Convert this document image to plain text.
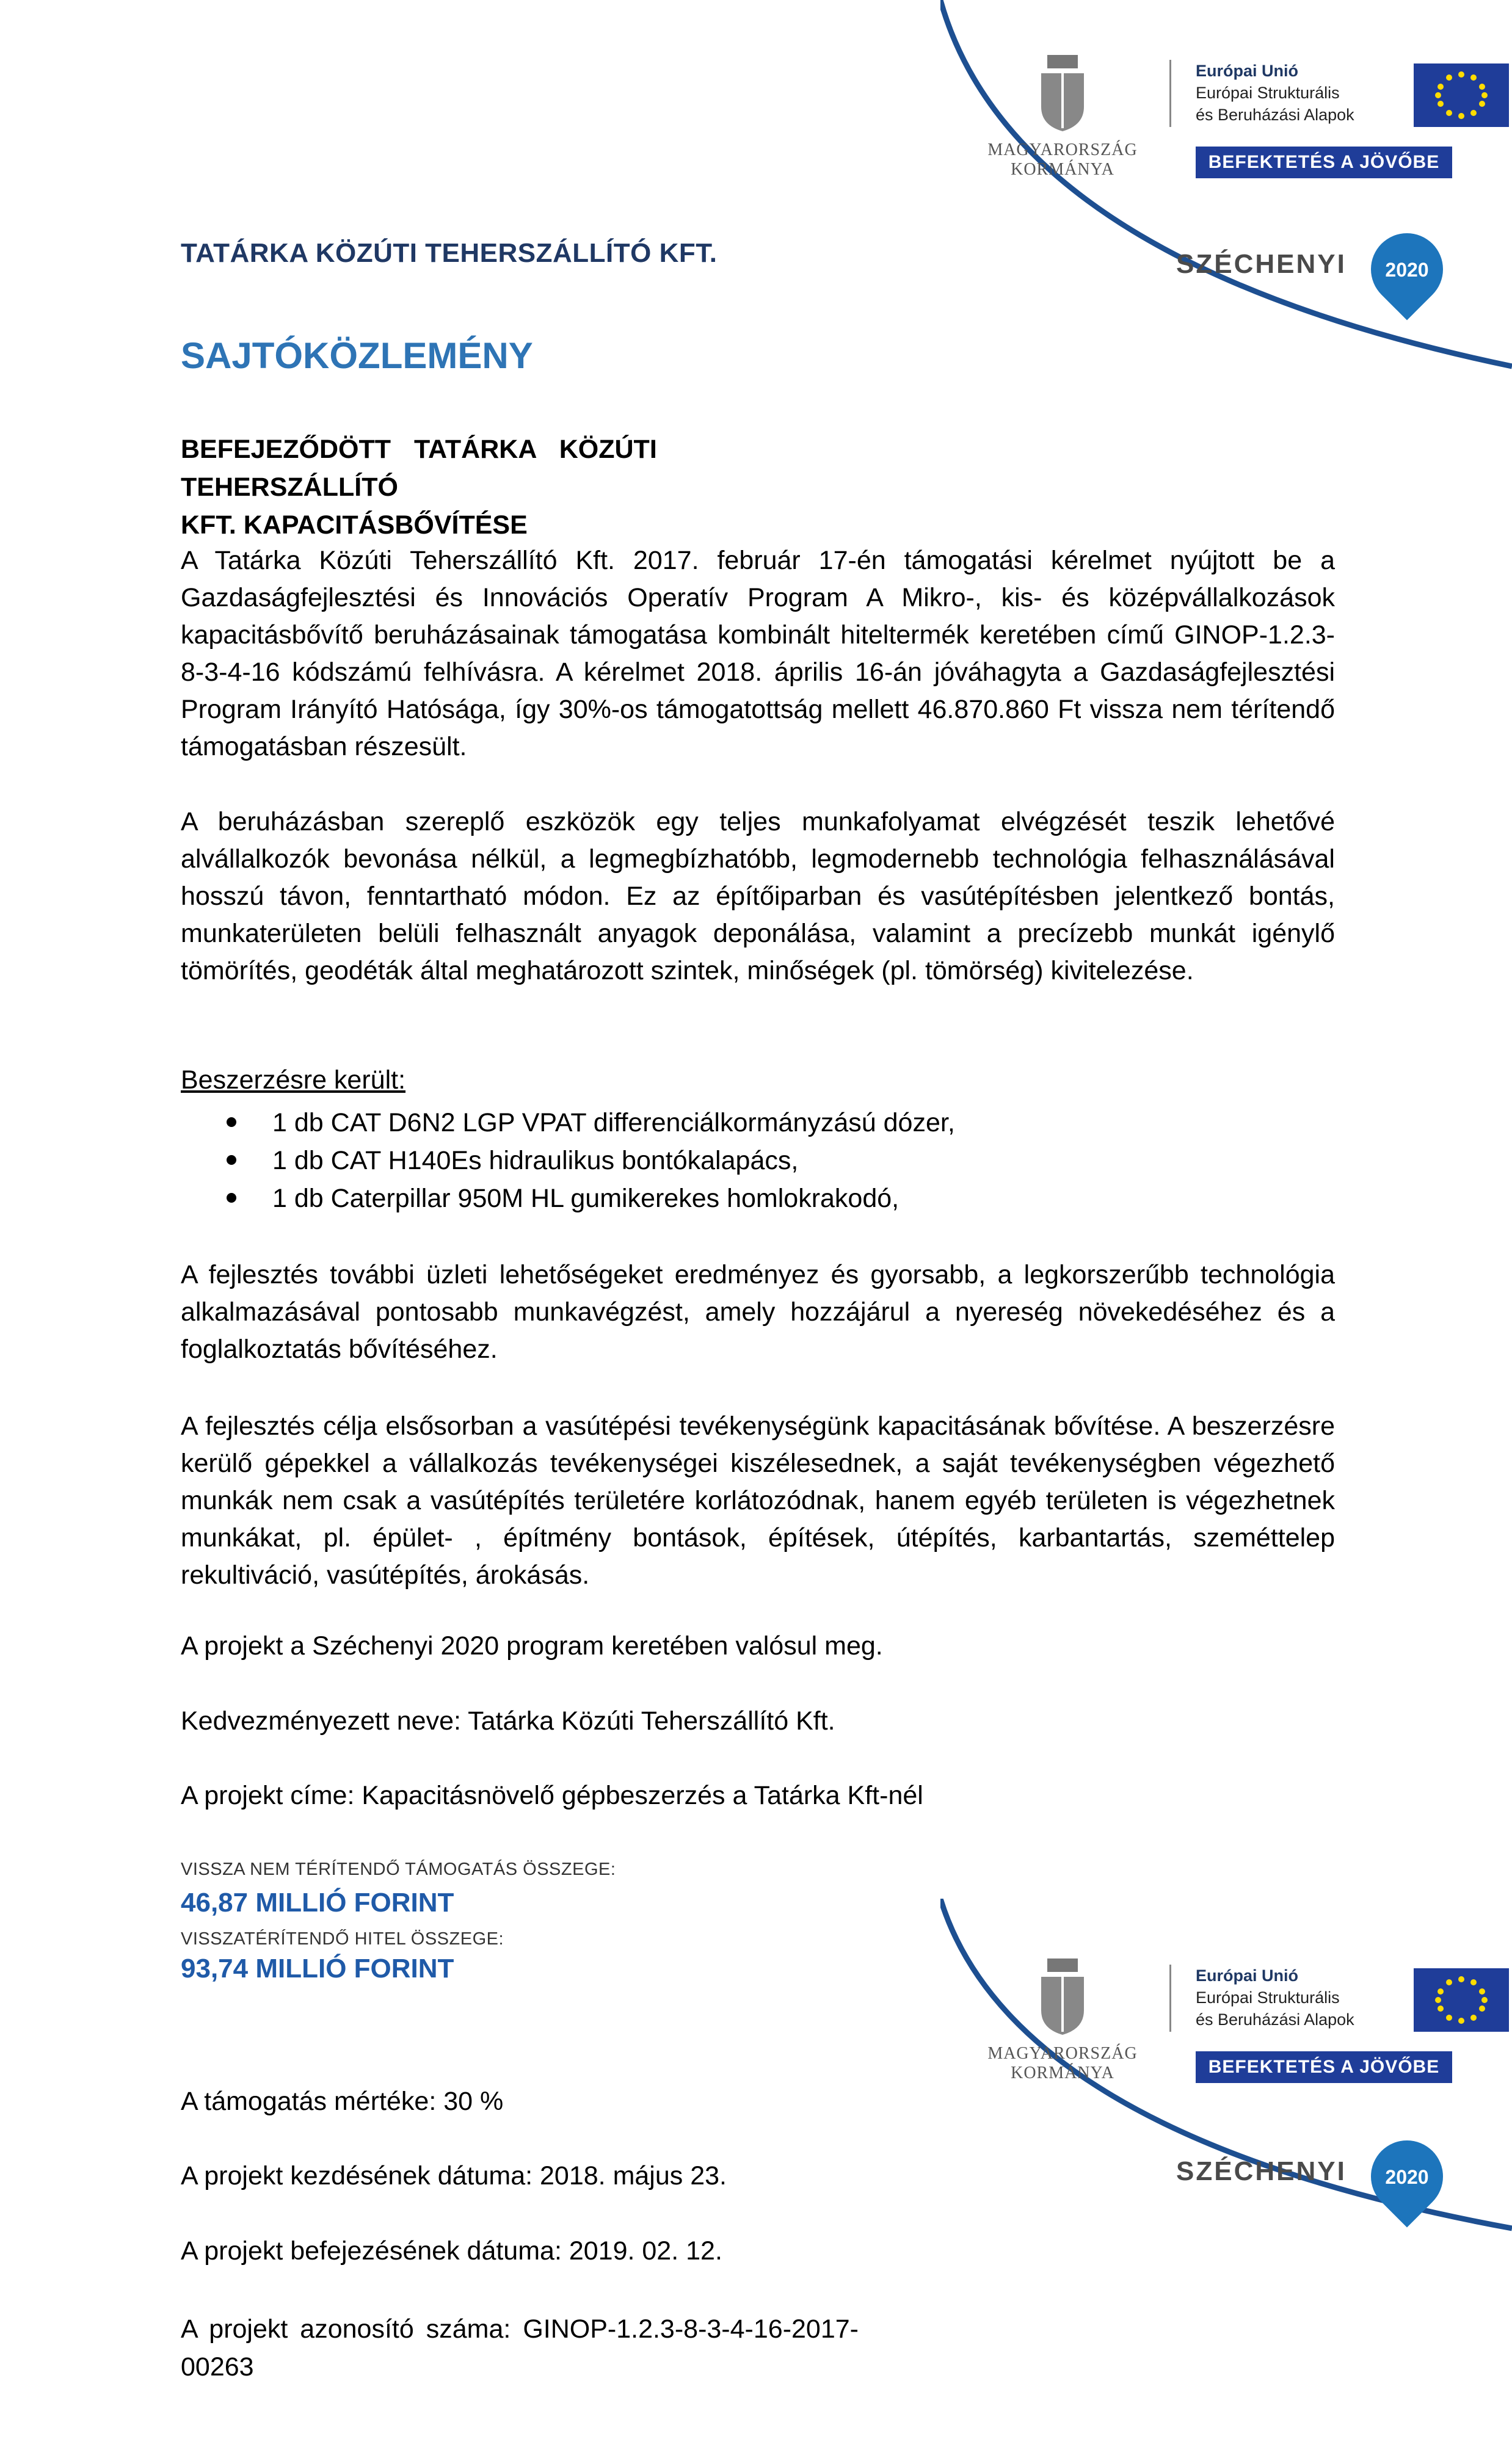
MAGYARORSZÁG
KORMÁNYA
Európai Unió
Európai Strukturális
és Beruházási Alapok
BEFEKTETÉS A JÖVŐBE
SZÉCHENYI	2020
TATÁRKA KÖZÚTI TEHERSZÁLLÍTÓ KFT.
SAJTÓKÖZLEMÉNY
BEFEJEZŐDÖTT TATÁRKA KÖZÚTI TEHERSZÁLLÍTÓ
KFT. KAPACITÁSBŐVÍTÉSE
A Tatárka Közúti Teherszállító Kft. 2017. február 17-én támogatási kérelmet nyújtott be a Gazdaságfejlesztési és Innovációs Operatív Program A Mikro-, kis- és középvállalkozások kapacitásbővítő beruházásainak támogatása kombinált hiteltermék keretében című GINOP-1.2.3-8-3-4-16 kódszámú felhívásra. A kérelmet 2018. április 16-án jóváhagyta a Gazdaságfejlesztési Program Irányító Hatósága, így 30%-os támogatottság mellett 46.870.860 Ft vissza nem térítendő támogatásban részesült.
A beruházásban szereplő eszközök egy teljes munkafolyamat elvégzését teszik lehetővé alvállalkozók bevonása nélkül, a legmegbízhatóbb, legmodernebb technológia felhasználásával hosszú távon, fenntartható módon. Ez az építőiparban és vasútépítésben jelentkező bontás, munkaterületen belüli felhasznált anyagok deponálása, valamint a precízebb munkát igénylő tömörítés, geodéták által meghatározott szintek, minőségek (pl. tömörség) kivitelezése.
Beszerzésre került:
1 db CAT D6N2 LGP VPAT differenciálkormányzású dózer,
1 db CAT H140Es hidraulikus bontókalapács,
1 db Caterpillar 950M HL gumikerekes homlokrakodó,
A fejlesztés további üzleti lehetőségeket eredményez és gyorsabb, a legkorszerűbb technológia alkalmazásával pontosabb munkavégzést, amely hozzájárul a nyereség növekedéséhez és a foglalkoztatás bővítéséhez.
A fejlesztés célja elsősorban a vasútépési tevékenységünk kapacitásának bővítése. A beszerzésre kerülő gépekkel a vállalkozás tevékenységei kiszélesednek, a saját tevékenységben végezhető munkák nem csak a vasútépítés területére korlátozódnak, hanem egyéb területen is végezhetnek munkákat, pl. épület- , építmény bontások, építések, útépítés, karbantartás, szeméttelep rekultiváció, vasútépítés, árokásás.
A projekt a Széchenyi 2020 program keretében valósul meg.
Kedvezményezett neve: Tatárka Közúti Teherszállító Kft.
A projekt címe: Kapacitásnövelő gépbeszerzés a Tatárka Kft-nél
VISSZA NEM TÉRÍTENDŐ TÁMOGATÁS ÖSSZEGE:
46,87 MILLIÓ FORINT
VISSZATÉRÍTENDŐ HITEL ÖSSZEGE:
93,74 MILLIÓ FORINT
MAGYARORSZÁG
KORMÁNYA
Európai Unió
Európai Strukturális
és Beruházási Alapok
BEFEKTETÉS A JÖVŐBE
SZÉCHENYI	2020
A támogatás mértéke: 30 %
A projekt kezdésének dátuma: 2018. május 23.
A projekt befejezésének dátuma: 2019. 02. 12.
A projekt azonosító száma: GINOP-1.2.3-8-3-4-16-2017-00263
